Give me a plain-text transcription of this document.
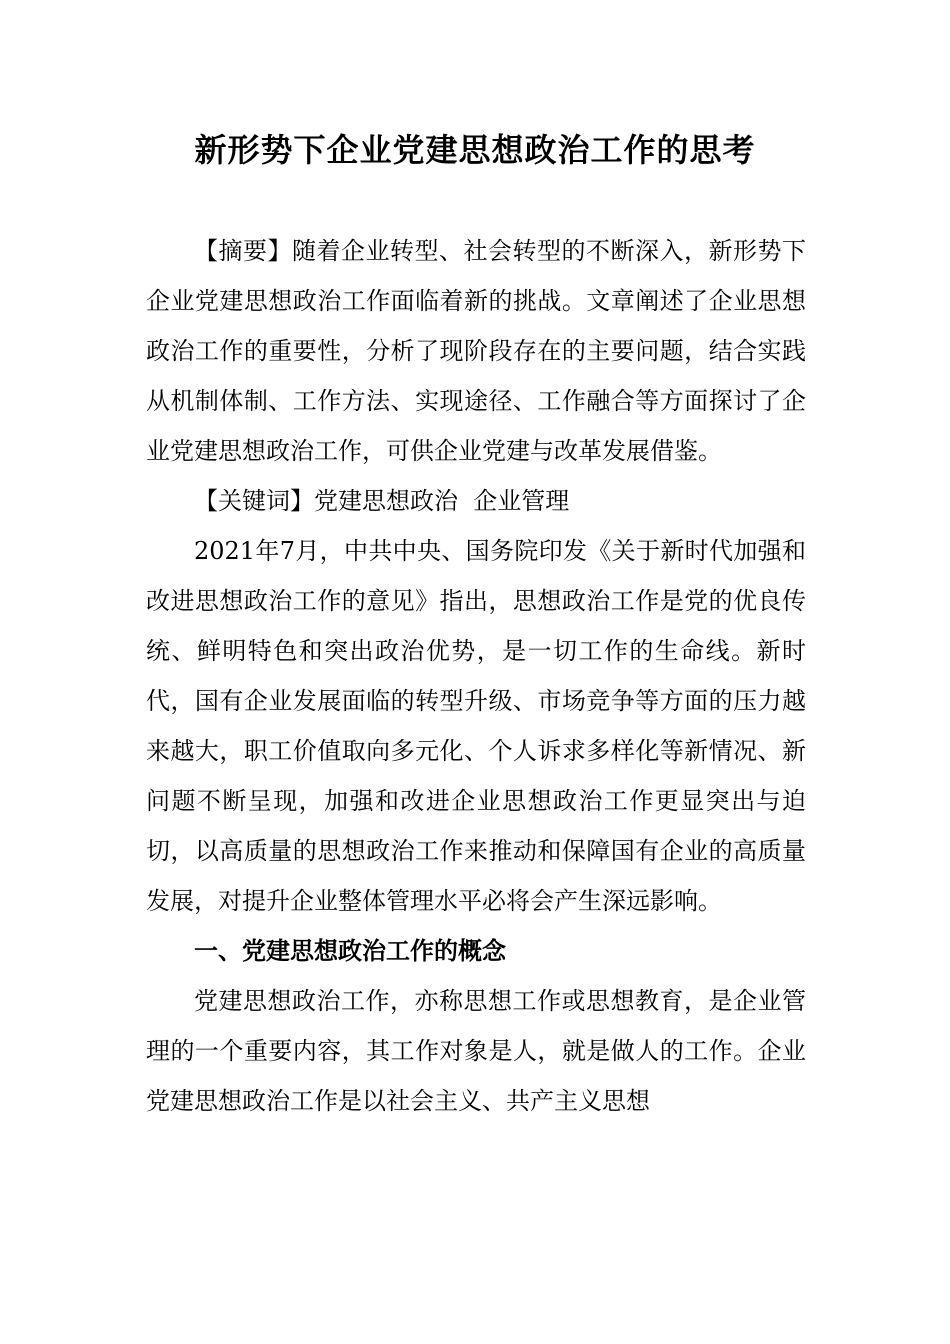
新形势下企业党建思想政治工作的思考

【摘要】随着企业转型、社会转型的不断深入，新形势下企业党建思想政治工作面临着新的挑战。文章阐述了企业思想政治工作的重要性，分析了现阶段存在的主要问题，结合实践从机制体制、工作方法、实现途径、工作融合等方面探讨了企业党建思想政治工作，可供企业党建与改革发展借鉴。

【关键词】党建思想政治  企业管理

2021年7月，中共中央、国务院印发《关于新时代加强和改进思想政治工作的意见》指出，思想政治工作是党的优良传统、鲜明特色和突出政治优势，是一切工作的生命线。新时代，国有企业发展面临的转型升级、市场竞争等方面的压力越来越大，职工价值取向多元化、个人诉求多样化等新情况、新问题不断呈现，加强和改进企业思想政治工作更显突出与迫切，以高质量的思想政治工作来推动和保障国有企业的高质量发展，对提升企业整体管理水平必将会产生深远影响。

一、党建思想政治工作的概念

党建思想政治工作，亦称思想工作或思想教育，是企业管理的一个重要内容，其工作对象是人，就是做人的工作。企业党建思想政治工作是以社会主义、共产主义思想
